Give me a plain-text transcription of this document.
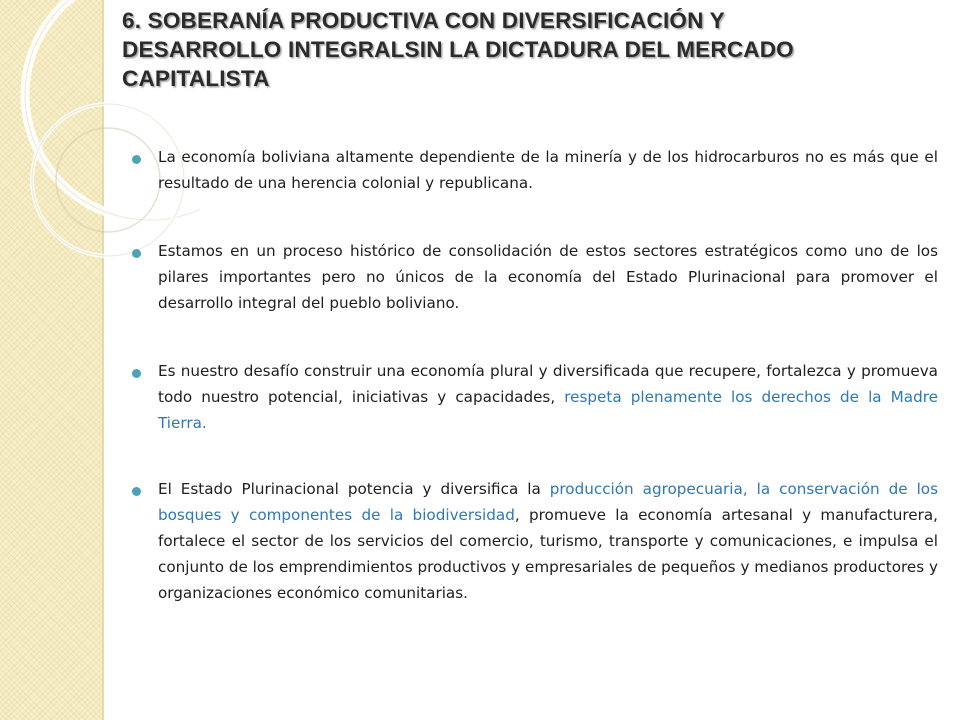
6. SOBERANÍA PRODUCTIVA CON DIVERSIFICACIÓN Y DESARROLLO INTEGRALSIN LA DICTADURA DEL MERCADO CAPITALISTA

La economía boliviana altamente dependiente de la minería y de los hidrocarburos no es más que el resultado de una herencia colonial y republicana.

Estamos en un proceso histórico de consolidación de estos sectores estratégicos como uno de los pilares importantes pero no únicos de la economía del Estado Plurinacional para promover el desarrollo integral del pueblo boliviano.

Es nuestro desafío construir una economía plural y diversificada que recupere, fortalezca y promueva todo nuestro potencial, iniciativas y capacidades, respeta plenamente los derechos de la Madre Tierra.

El Estado Plurinacional potencia y diversifica la producción agropecuaria, la conservación de los bosques y componentes de la biodiversidad, promueve la economía artesanal y manufacturera, fortalece el sector de los servicios del comercio, turismo, transporte y comunicaciones, e impulsa el conjunto de los emprendimientos productivos y empresariales de pequeños y medianos productores y organizaciones económico comunitarias.
